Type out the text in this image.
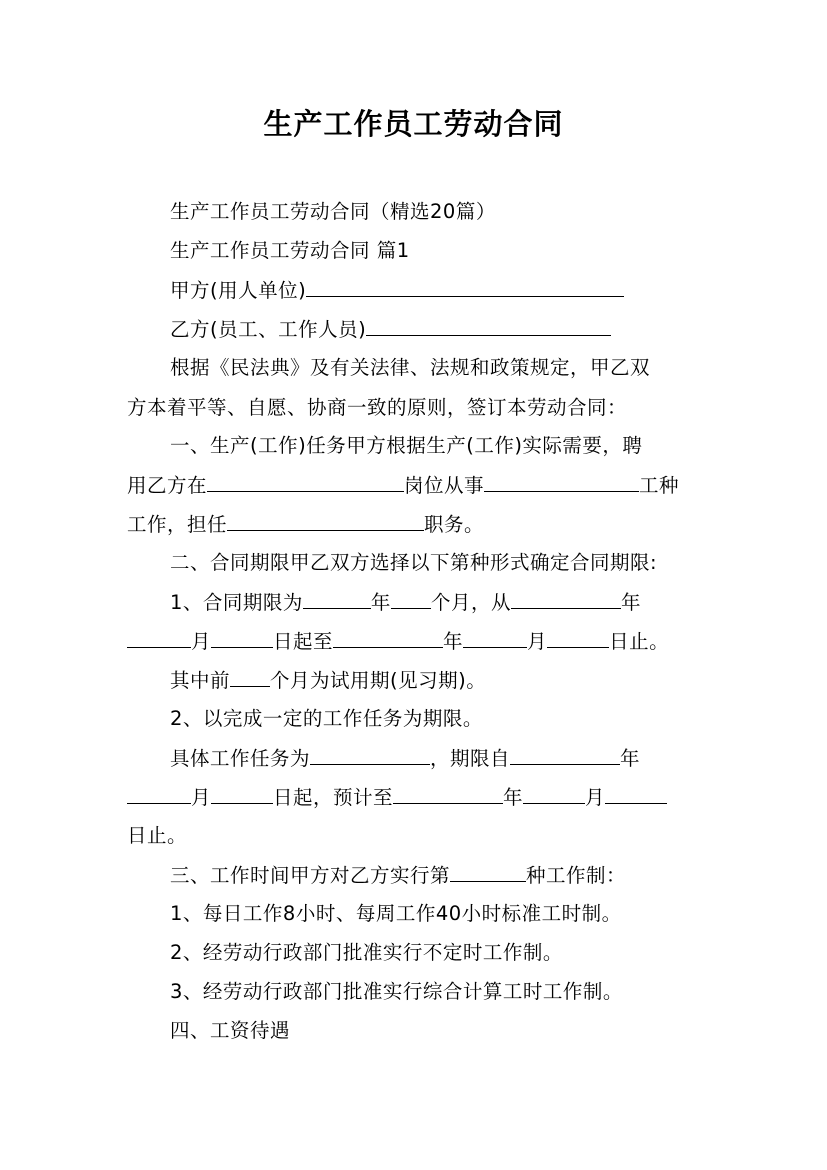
生产工作员工劳动合同
生产工作员工劳动合同（精选20篇）
生产工作员工劳动合同 篇1
甲方(用人单位)
乙方(员工、工作人员)
根据《民法典》及有关法律、法规和政策规定，甲乙双
方本着平等、自愿、协商一致的原则，签订本劳动合同：
一、生产(工作)任务甲方根据生产(工作)实际需要，聘
用乙方在	岗位从事	工种
工作，担任	职务。
二、合同期限甲乙双方选择以下第种形式确定合同期限:
1、合同期限为	年 个月，从	年
月	日起至	年	月	日止。
其中前 个月为试用期(见习期)。
2、以完成一定的工作任务为期限。
具体工作任务为	，期限自	年
月	日起，预计至	年	月
日止。
三、工作时间甲方对乙方实行第	种工作制：
1、每日工作8小时、每周工作40小时标准工时制。
2、经劳动行政部门批准实行不定时工作制。
3、经劳动行政部门批准实行综合计算工时工作制。
四、工资待遇
